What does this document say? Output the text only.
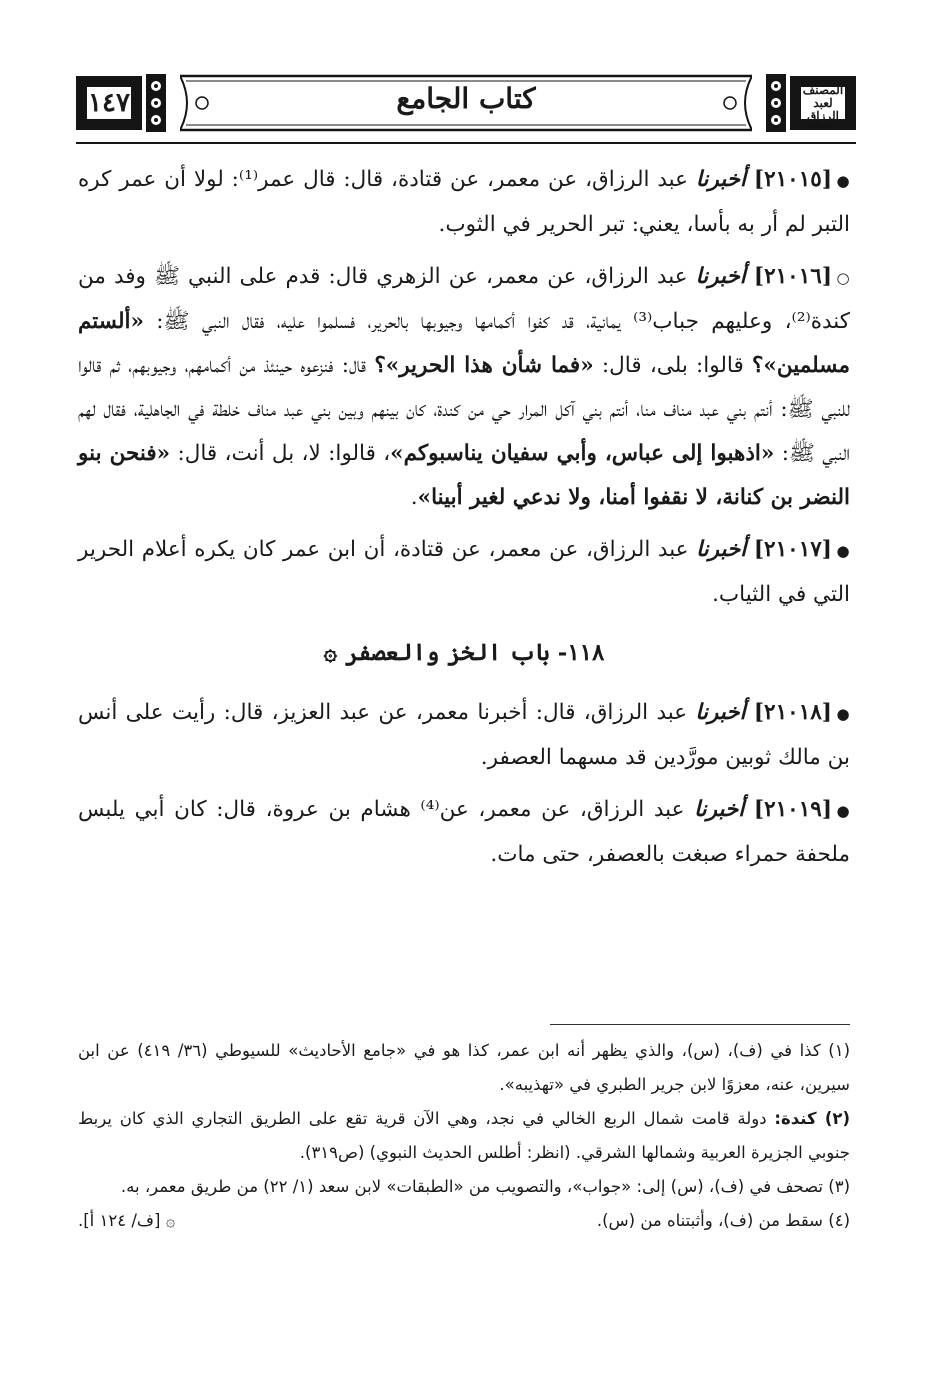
المصنف
لعبد الرزاق
كتاب الجامع
١٤٧

●[٢١٠١٥] أخبرنا عبد الرزاق، عن معمر، عن قتادة، قال: قال عمر⁽¹⁾: لولا أن عمر كره التبر لم أر به بأسا، يعني: تبر الحرير في الثوب.

○[٢١٠١٦] أخبرنا عبد الرزاق، عن معمر، عن الزهري قال: قدم على النبي ﷺ وفد من كندة⁽²⁾، وعليهم جباب⁽³⁾ يمانية، قد كفوا أكمامها وجيوبها بالحرير، فسلموا عليه، فقال النبي ﷺ: «ألستم مسلمين»؟ قالوا: بلى، قال: «فما شأن هذا الحرير»؟ قال: فنزعوه حينئذ من أكمامهم، وجيوبهم، ثم قالوا للنبي ﷺ: أنتم بني عبد مناف منا، أنتم بني آكل المرار حي من كندة، كان بينهم وبين بني عبد مناف خلطة في الجاهلية، فقال لهم النبي ﷺ: «اذهبوا إلى عباس، وأبي سفيان يناسبوكم»، قالوا: لا، بل أنت، قال: «فنحن بنو النضر بن كنانة، لا نقفوا أمنا، ولا ندعي لغير أبينا».

●[٢١٠١٧] أخبرنا عبد الرزاق، عن معمر، عن قتادة، أن ابن عمر كان يكره أعلام الحرير التي في الثياب.

١١٨- باب الخز والعصفر ۞

●[٢١٠١٨] أخبرنا عبد الرزاق، قال: أخبرنا معمر، عن عبد العزيز، قال: رأيت على أنس بن مالك ثوبين مورَّدين قد مسهما العصفر.

●[٢١٠١٩] أخبرنا عبد الرزاق، عن معمر، عن⁽⁴⁾ هشام بن عروة، قال: كان أبي يلبس ملحفة حمراء صبغت بالعصفر، حتى مات.

(١) كذا في (ف)، (س)، والذي يظهر أنه ابن عمر، كذا هو في «جامع الأحاديث» للسيوطي (٣٦/ ٤١٩) عن ابن سيرين، عنه، معزوًا لابن جرير الطبري في «تهذيبه».

(٢) كندة: دولة قامت شمال الربع الخالي في نجد، وهي الآن قرية تقع على الطريق التجاري الذي كان يربط جنوبي الجزيرة العربية وشمالها الشرقي. (انظر: أطلس الحديث النبوي) (ص٣١٩).

(٣) تصحف في (ف)، (س) إلى: «جواب»، والتصويب من «الطبقات» لابن سعد (١/ ٢٢) من طريق معمر، به.

(٤) سقط من (ف)، وأثبتناه من (س).
۞ [ف/ ١٢٤ أ].
